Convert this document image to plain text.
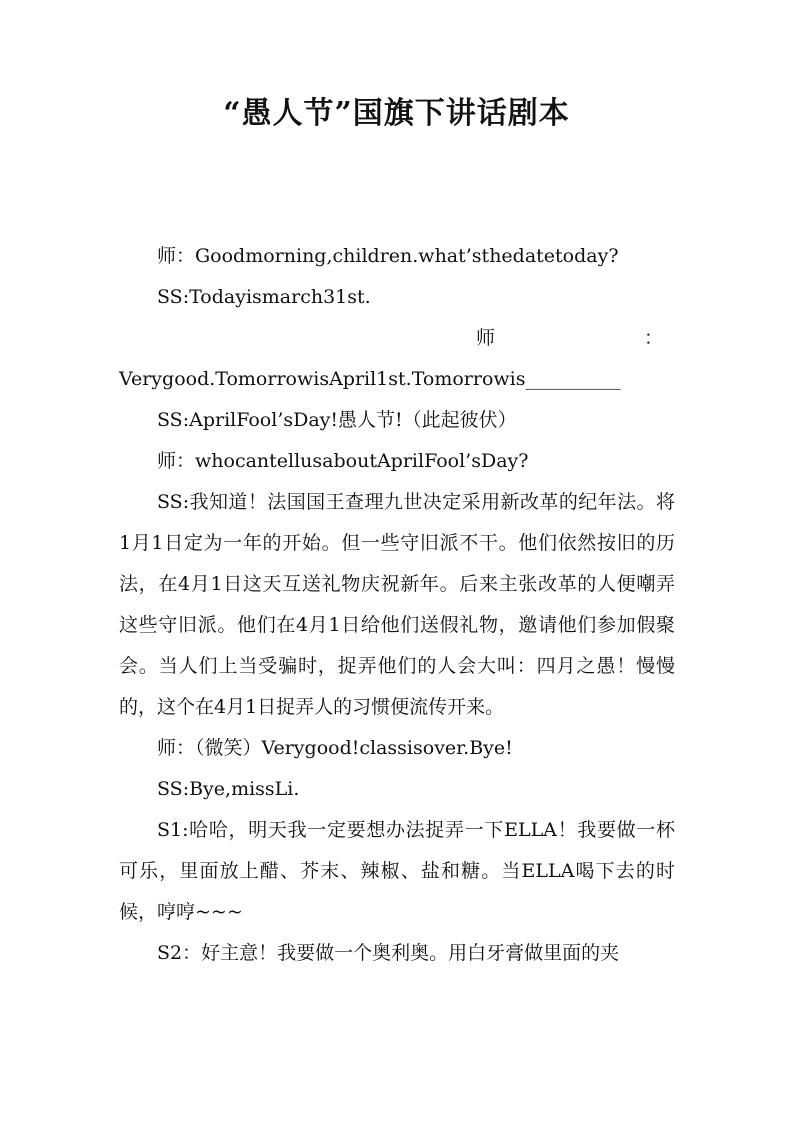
“愚人节”国旗下讲话剧本

师：Goodmorning,children.what’sthedatetoday?

SS:Todayismarch31st.

师	：

Verygood.TomorrowisApril1st.Tomorrowis__________

SS:AprilFool’sDay!愚人节!（此起彼伏）

师：whocantellusaboutAprilFool’sDay?

SS:我知道！法国国王查理九世决定采用新改革的纪年法。将1月1日定为一年的开始。但一些守旧派不干。他们依然按旧的历法，在4月1日这天互送礼物庆祝新年。后来主张改革的人便嘲弄这些守旧派。他们在4月1日给他们送假礼物，邀请他们参加假聚会。当人们上当受骗时，捉弄他们的人会大叫：四月之愚！慢慢的，这个在4月1日捉弄人的习惯便流传开来。

师：（微笑）Verygood!classisover.Bye!

SS:Bye,missLi.

S1:哈哈，明天我一定要想办法捉弄一下ELLA！我要做一杯可乐，里面放上醋、芥末、辣椒、盐和糖。当ELLA喝下去的时候，哼哼~~~

S2：好主意！我要做一个奥利奥。用白牙膏做里面的夹
